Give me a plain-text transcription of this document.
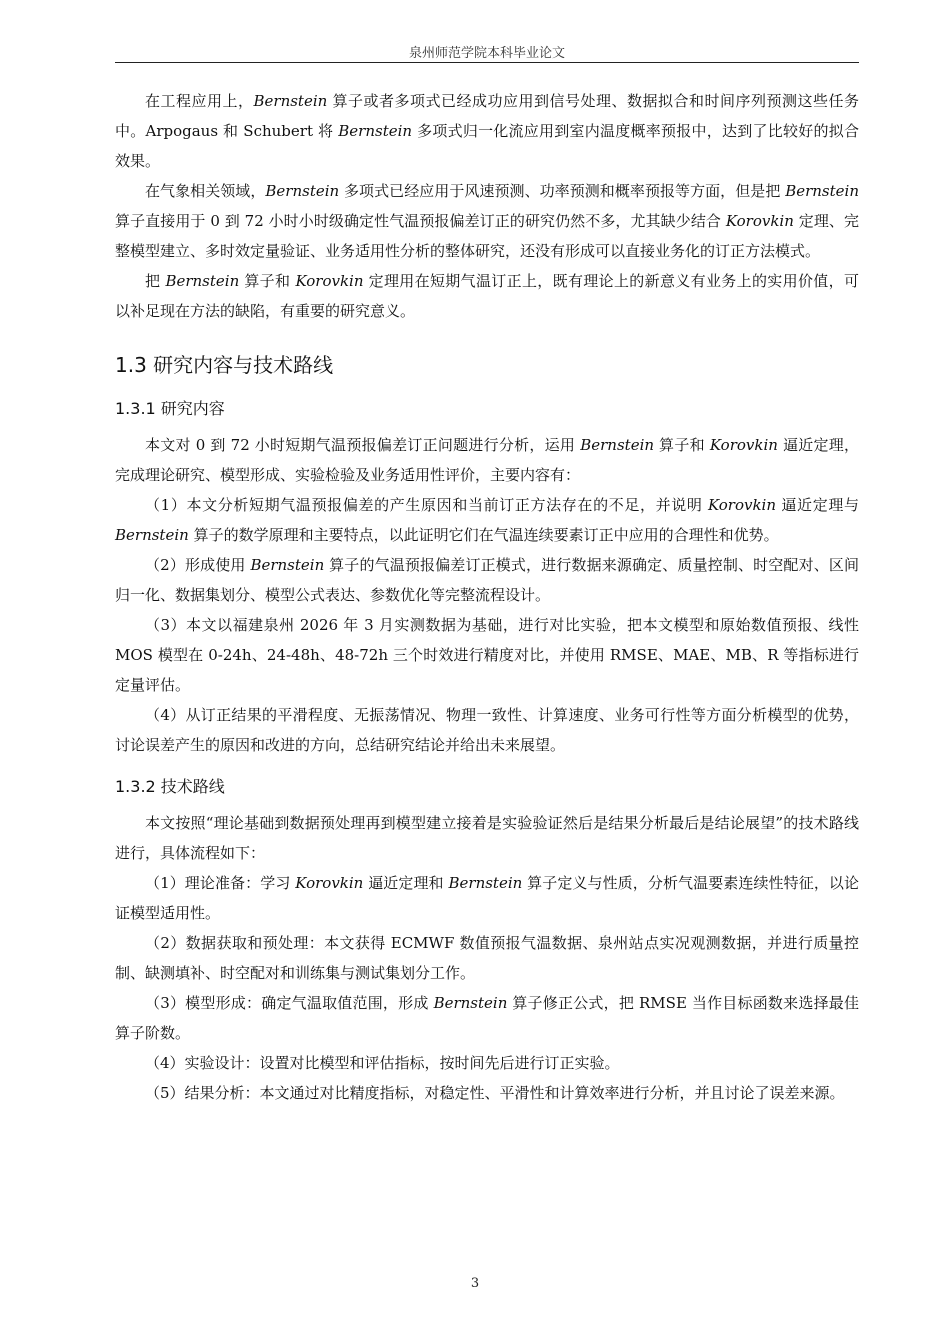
泉州师范学院本科毕业论文

在工程应用上，Bernstein 算子或者多项式已经成功应用到信号处理、数据拟合和时间序列预测这些任务中。Arpogaus 和 Schubert 将 Bernstein 多项式归一化流应用到室内温度概率预报中，达到了比较好的拟合效果。

在气象相关领域，Bernstein 多项式已经应用于风速预测、功率预测和概率预报等方面，但是把 Bernstein 算子直接用于 0 到 72 小时小时级确定性气温预报偏差订正的研究仍然不多，尤其缺少结合 Korovkin 定理、完整模型建立、多时效定量验证、业务适用性分析的整体研究，还没有形成可以直接业务化的订正方法模式。

把 Bernstein 算子和 Korovkin 定理用在短期气温订正上，既有理论上的新意义有业务上的实用价值，可以补足现在方法的缺陷，有重要的研究意义。

1.3 研究内容与技术路线
1.3.1 研究内容

本文对 0 到 72 小时短期气温预报偏差订正问题进行分析，运用 Bernstein 算子和 Korovkin 逼近定理，完成理论研究、模型形成、实验检验及业务适用性评价，主要内容有：

（1）本文分析短期气温预报偏差的产生原因和当前订正方法存在的不足，并说明 Korovkin 逼近定理与 Bernstein 算子的数学原理和主要特点，以此证明它们在气温连续要素订正中应用的合理性和优势。

（2）形成使用 Bernstein 算子的气温预报偏差订正模式，进行数据来源确定、质量控制、时空配对、区间归一化、数据集划分、模型公式表达、参数优化等完整流程设计。

（3）本文以福建泉州 2026 年 3 月实测数据为基础，进行对比实验，把本文模型和原始数值预报、线性 MOS 模型在 0-24h、24-48h、48-72h 三个时效进行精度对比，并使用 RMSE、MAE、MB、R 等指标进行定量评估。

（4）从订正结果的平滑程度、无振荡情况、物理一致性、计算速度、业务可行性等方面分析模型的优势，讨论误差产生的原因和改进的方向，总结研究结论并给出未来展望。

1.3.2 技术路线

本文按照“理论基础到数据预处理再到模型建立接着是实验验证然后是结果分析最后是结论展望”的技术路线进行，具体流程如下：

（1）理论准备：学习 Korovkin 逼近定理和 Bernstein 算子定义与性质，分析气温要素连续性特征，以论证模型适用性。

（2）数据获取和预处理：本文获得 ECMWF 数值预报气温数据、泉州站点实况观测数据，并进行质量控制、缺测填补、时空配对和训练集与测试集划分工作。

（3）模型形成：确定气温取值范围，形成 Bernstein 算子修正公式，把 RMSE 当作目标函数来选择最佳算子阶数。

（4）实验设计：设置对比模型和评估指标，按时间先后进行订正实验。

（5）结果分析：本文通过对比精度指标，对稳定性、平滑性和计算效率进行分析，并且讨论了误差来源。

3
